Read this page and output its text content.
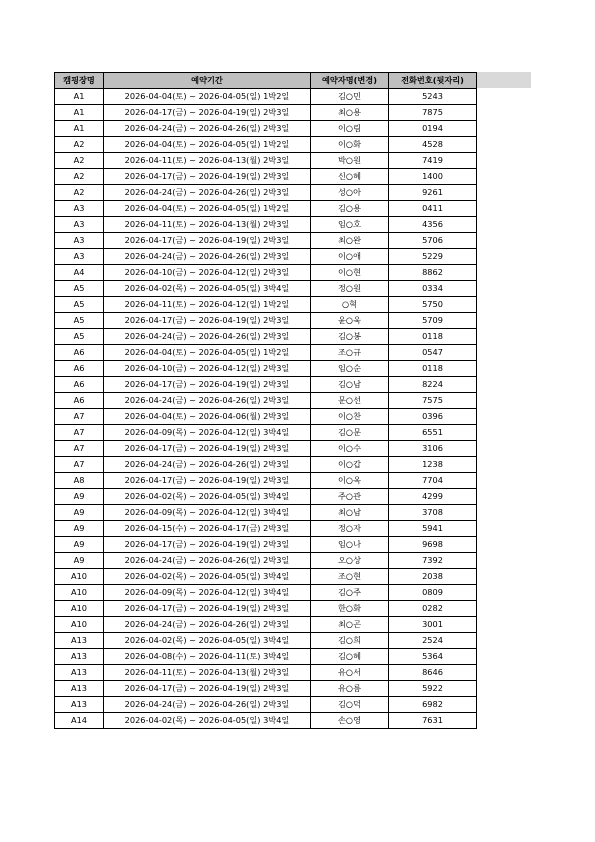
캠핑장명	예약기간	예약자명(변경)	전화번호(뒷자리)
A1	2026-04-04(토) ~ 2026-04-05(일) 1박2일	김○민	5243
A1	2026-04-17(금) ~ 2026-04-19(일) 2박3일	최○용	7875
A1	2026-04-24(금) ~ 2026-04-26(일) 2박3일	이○림	0194
A2	2026-04-04(토) ~ 2026-04-05(일) 1박2일	이○화	4528
A2	2026-04-11(토) ~ 2026-04-13(월) 2박3일	박○원	7419
A2	2026-04-17(금) ~ 2026-04-19(일) 2박3일	신○혜	1400
A2	2026-04-24(금) ~ 2026-04-26(일) 2박3일	성○아	9261
A3	2026-04-04(토) ~ 2026-04-05(일) 1박2일	김○용	0411
A3	2026-04-11(토) ~ 2026-04-13(월) 2박3일	임○호	4356
A3	2026-04-17(금) ~ 2026-04-19(일) 2박3일	최○완	5706
A3	2026-04-24(금) ~ 2026-04-26(일) 2박3일	이○애	5229
A4	2026-04-10(금) ~ 2026-04-12(일) 2박3일	이○현	8862
A5	2026-04-02(목) ~ 2026-04-05(일) 3박4일	정○원	0334
A5	2026-04-11(토) ~ 2026-04-12(일) 1박2일	○혁	5750
A5	2026-04-17(금) ~ 2026-04-19(일) 2박3일	윤○욱	5709
A5	2026-04-24(금) ~ 2026-04-26(일) 2박3일	김○봉	0118
A6	2026-04-04(토) ~ 2026-04-05(일) 1박2일	조○규	0547
A6	2026-04-10(금) ~ 2026-04-12(일) 2박3일	임○순	0118
A6	2026-04-17(금) ~ 2026-04-19(일) 2박3일	김○남	8224
A6	2026-04-24(금) ~ 2026-04-26(일) 2박3일	문○선	7575
A7	2026-04-04(토) ~ 2026-04-06(월) 2박3일	이○찬	0396
A7	2026-04-09(목) ~ 2026-04-12(일) 3박4일	김○문	6551
A7	2026-04-17(금) ~ 2026-04-19(일) 2박3일	이○수	3106
A7	2026-04-24(금) ~ 2026-04-26(일) 2박3일	이○갑	1238
A8	2026-04-17(금) ~ 2026-04-19(일) 2박3일	이○옥	7704
A9	2026-04-02(목) ~ 2026-04-05(일) 3박4일	주○관	4299
A9	2026-04-09(목) ~ 2026-04-12(일) 3박4일	최○남	3708
A9	2026-04-15(수) ~ 2026-04-17(금) 2박3일	정○자	5941
A9	2026-04-17(금) ~ 2026-04-19(일) 2박3일	임○나	9698
A9	2026-04-24(금) ~ 2026-04-26(일) 2박3일	오○상	7392
A10	2026-04-02(목) ~ 2026-04-05(일) 3박4일	조○현	2038
A10	2026-04-09(목) ~ 2026-04-12(일) 3박4일	김○주	0809
A10	2026-04-17(금) ~ 2026-04-19(일) 2박3일	한○화	0282
A10	2026-04-24(금) ~ 2026-04-26(일) 2박3일	최○곤	3001
A13	2026-04-02(목) ~ 2026-04-05(일) 3박4일	김○희	2524
A13	2026-04-08(수) ~ 2026-04-11(토) 3박4일	김○혜	5364
A13	2026-04-11(토) ~ 2026-04-13(월) 2박3일	유○서	8646
A13	2026-04-17(금) ~ 2026-04-19(일) 2박3일	유○름	5922
A13	2026-04-24(금) ~ 2026-04-26(일) 2박3일	김○덕	6982
A14	2026-04-02(목) ~ 2026-04-05(일) 3박4일	손○영	7631
